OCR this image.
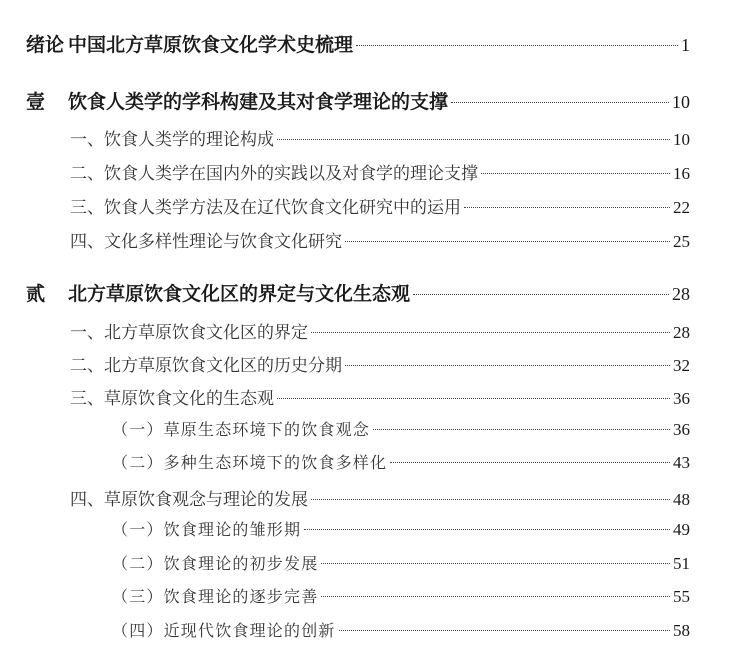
绪论 中国北方草原饮食文化学术史梳理	1
壹 饮食人类学的学科构建及其对食学理论的支撑	10
一、饮食人类学的理论构成	10
二、饮食人类学在国内外的实践以及对食学的理论支撑	16
三、饮食人类学方法及在辽代饮食文化研究中的运用	22
四、文化多样性理论与饮食文化研究	25
贰 北方草原饮食文化区的界定与文化生态观	28
一、北方草原饮食文化区的界定	28
二、北方草原饮食文化区的历史分期	32
三、草原饮食文化的生态观	36
（一）草原生态环境下的饮食观念	36
（二）多种生态环境下的饮食多样化	43
四、草原饮食观念与理论的发展	48
（一）饮食理论的雏形期	49
（二）饮食理论的初步发展	51
（三）饮食理论的逐步完善	55
（四）近现代饮食理论的创新	58
